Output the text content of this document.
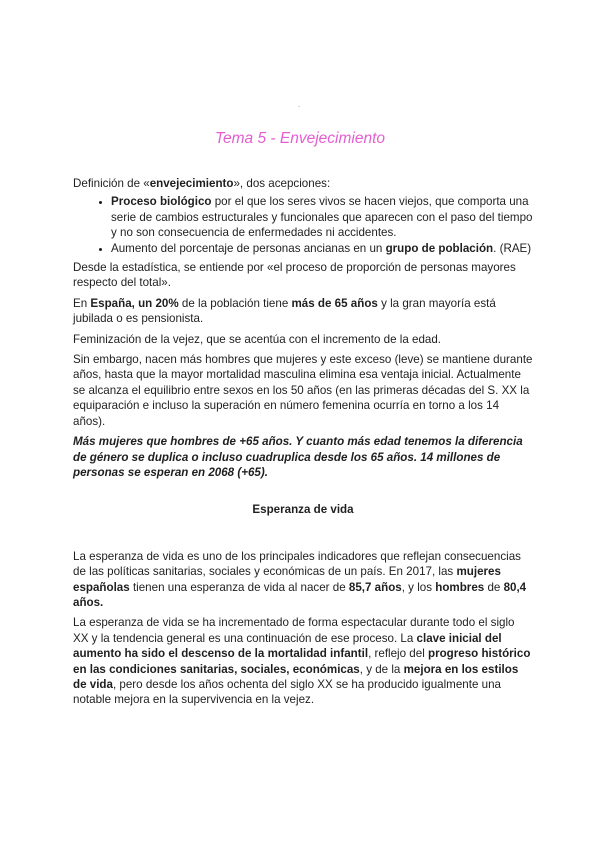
.
Tema 5 - Envejecimiento

Definición de «envejecimiento», dos acepciones:

• Proceso biológico por el que los seres vivos se hacen viejos, que comporta una serie de cambios estructurales y funcionales que aparecen con el paso del tiempo y no son consecuencia de enfermedades ni accidentes.
• Aumento del porcentaje de personas ancianas en un grupo de población. (RAE)

Desde la estadística, se entiende por «el proceso de proporción de personas mayores respecto del total».

En España, un 20% de la población tiene más de 65 años y la gran mayoría está jubilada o es pensionista.

Feminización de la vejez, que se acentúa con el incremento de la edad.

Sin embargo, nacen más hombres que mujeres y este exceso (leve) se mantiene durante años, hasta que la mayor mortalidad masculina elimina esa ventaja inicial. Actualmente se alcanza el equilibrio entre sexos en los 50 años (en las primeras décadas del S. XX la equiparación e incluso la superación en número femenina ocurría en torno a los 14 años).

Más mujeres que hombres de +65 años. Y cuanto más edad tenemos la diferencia de género se duplica o incluso cuadruplica desde los 65 años. 14 millones de personas se esperan en 2068 (+65).

Esperanza de vida

La esperanza de vida es uno de los principales indicadores que reflejan consecuencias de las políticas sanitarias, sociales y económicas de un país. En 2017, las mujeres españolas tienen una esperanza de vida al nacer de 85,7 años, y los hombres de 80,4 años.

La esperanza de vida se ha incrementado de forma espectacular durante todo el siglo XX y la tendencia general es una continuación de ese proceso. La clave inicial del aumento ha sido el descenso de la mortalidad infantil, reflejo del progreso histórico en las condiciones sanitarias, sociales, económicas, y de la mejora en los estilos de vida, pero desde los años ochenta del siglo XX se ha producido igualmente una notable mejora en la supervivencia en la vejez.
